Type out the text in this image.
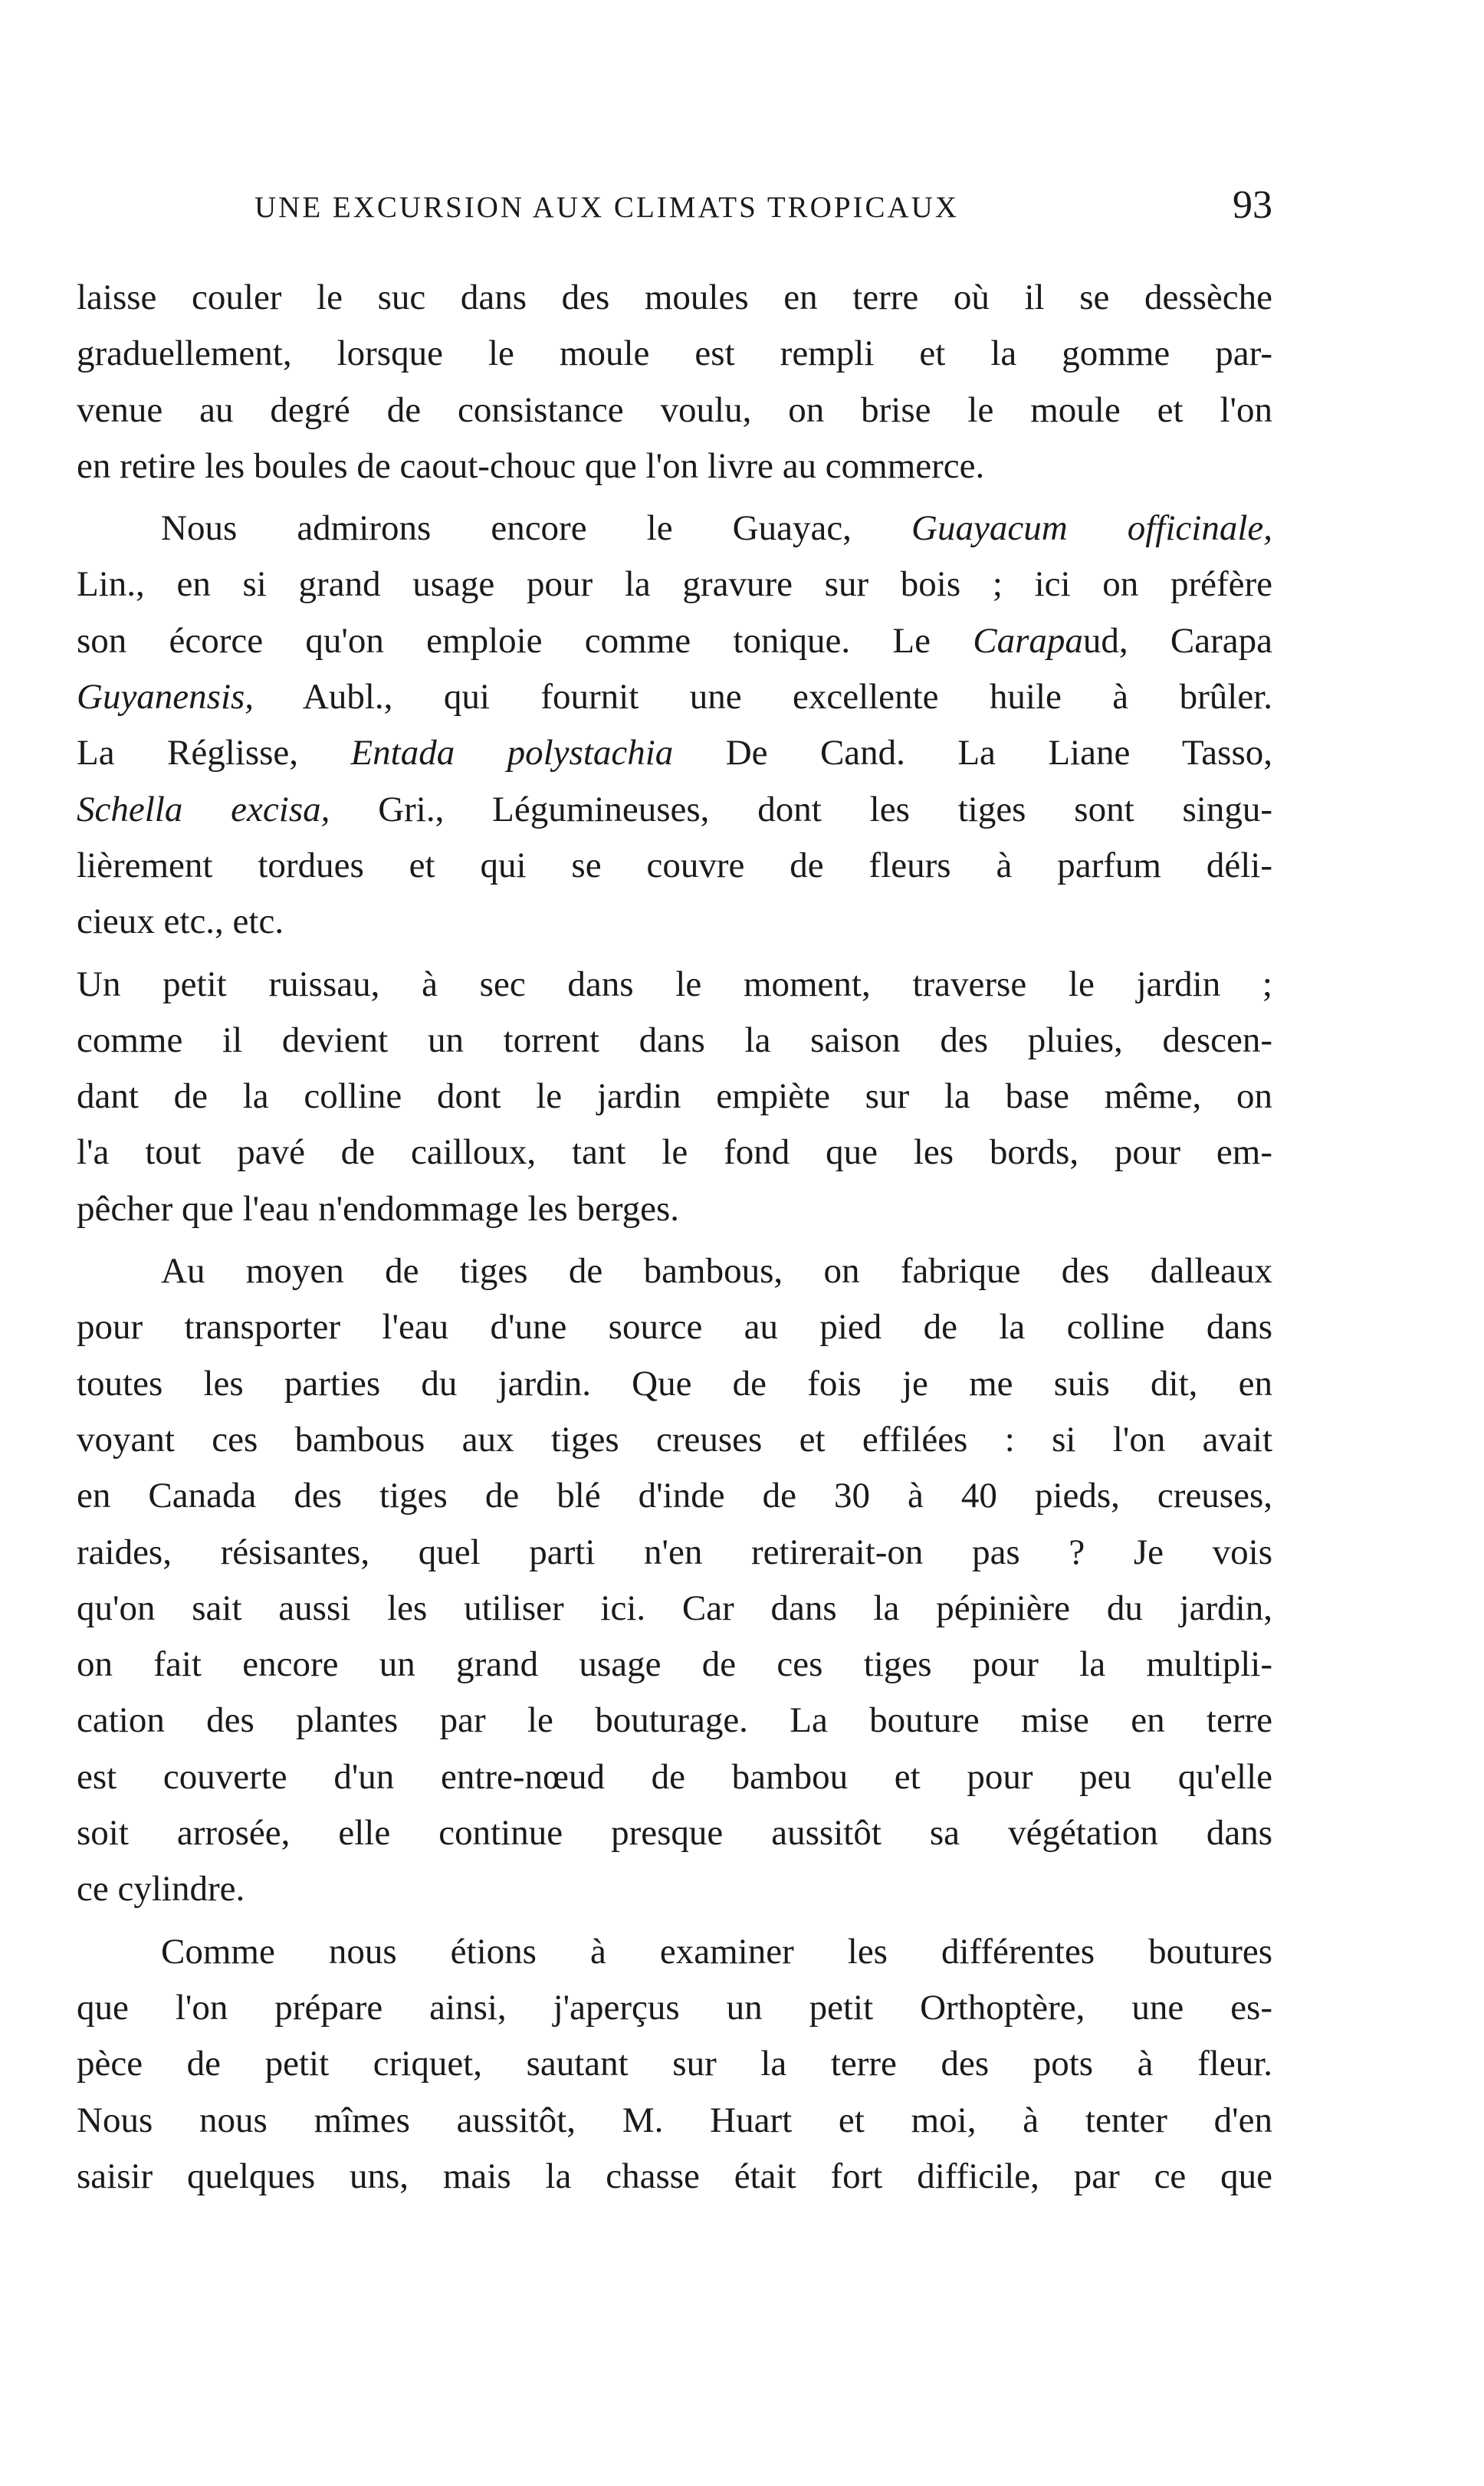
UNE EXCURSION AUX CLIMATS TROPICAUX	93
laisse couler le suc dans des moules en terre où il se dessèche
graduellement, lorsque le moule est rempli et la gomme par-
venue au degré de consistance voulu, on brise le moule et l'on
en retire les boules de caout-chouc que l'on livre au commerce.
Nous admirons encore le Guayac, Guayacum officinale,
Lin., en si grand usage pour la gravure sur bois ; ici on préfère
son écorce qu'on emploie comme tonique. Le Carapaud, Carapa
Guyanensis, Aubl., qui fournit une excellente huile à brûler.
La Réglisse, Entada polystachia De Cand. La Liane Tasso,
Schella excisa, Gri., Légumineuses, dont les tiges sont singu-
lièrement tordues et qui se couvre de fleurs à parfum déli-
cieux etc., etc.
Un petit ruissau, à sec dans le moment, traverse le jardin ;
comme il devient un torrent dans la saison des pluies, descen-
dant de la colline dont le jardin empiète sur la base même, on
l'a tout pavé de cailloux, tant le fond que les bords, pour em-
pêcher que l'eau n'endommage les berges.
Au moyen de tiges de bambous, on fabrique des dalleaux
pour transporter l'eau d'une source au pied de la colline dans
toutes les parties du jardin. Que de fois je me suis dit, en
voyant ces bambous aux tiges creuses et effilées : si l'on avait
en Canada des tiges de blé d'inde de 30 à 40 pieds, creuses,
raides, résisantes, quel parti n'en retirerait-on pas ? Je vois
qu'on sait aussi les utiliser ici. Car dans la pépinière du jardin,
on fait encore un grand usage de ces tiges pour la multipli-
cation des plantes par le bouturage. La bouture mise en terre
est couverte d'un entre-nœud de bambou et pour peu qu'elle
soit arrosée, elle continue presque aussitôt sa végétation dans
ce cylindre.
Comme nous étions à examiner les différentes boutures
que l'on prépare ainsi, j'aperçus un petit Orthoptère, une es-
pèce de petit criquet, sautant sur la terre des pots à fleur.
Nous nous mîmes aussitôt, M. Huart et moi, à tenter d'en
saisir quelques uns, mais la chasse était fort difficile, par ce que
